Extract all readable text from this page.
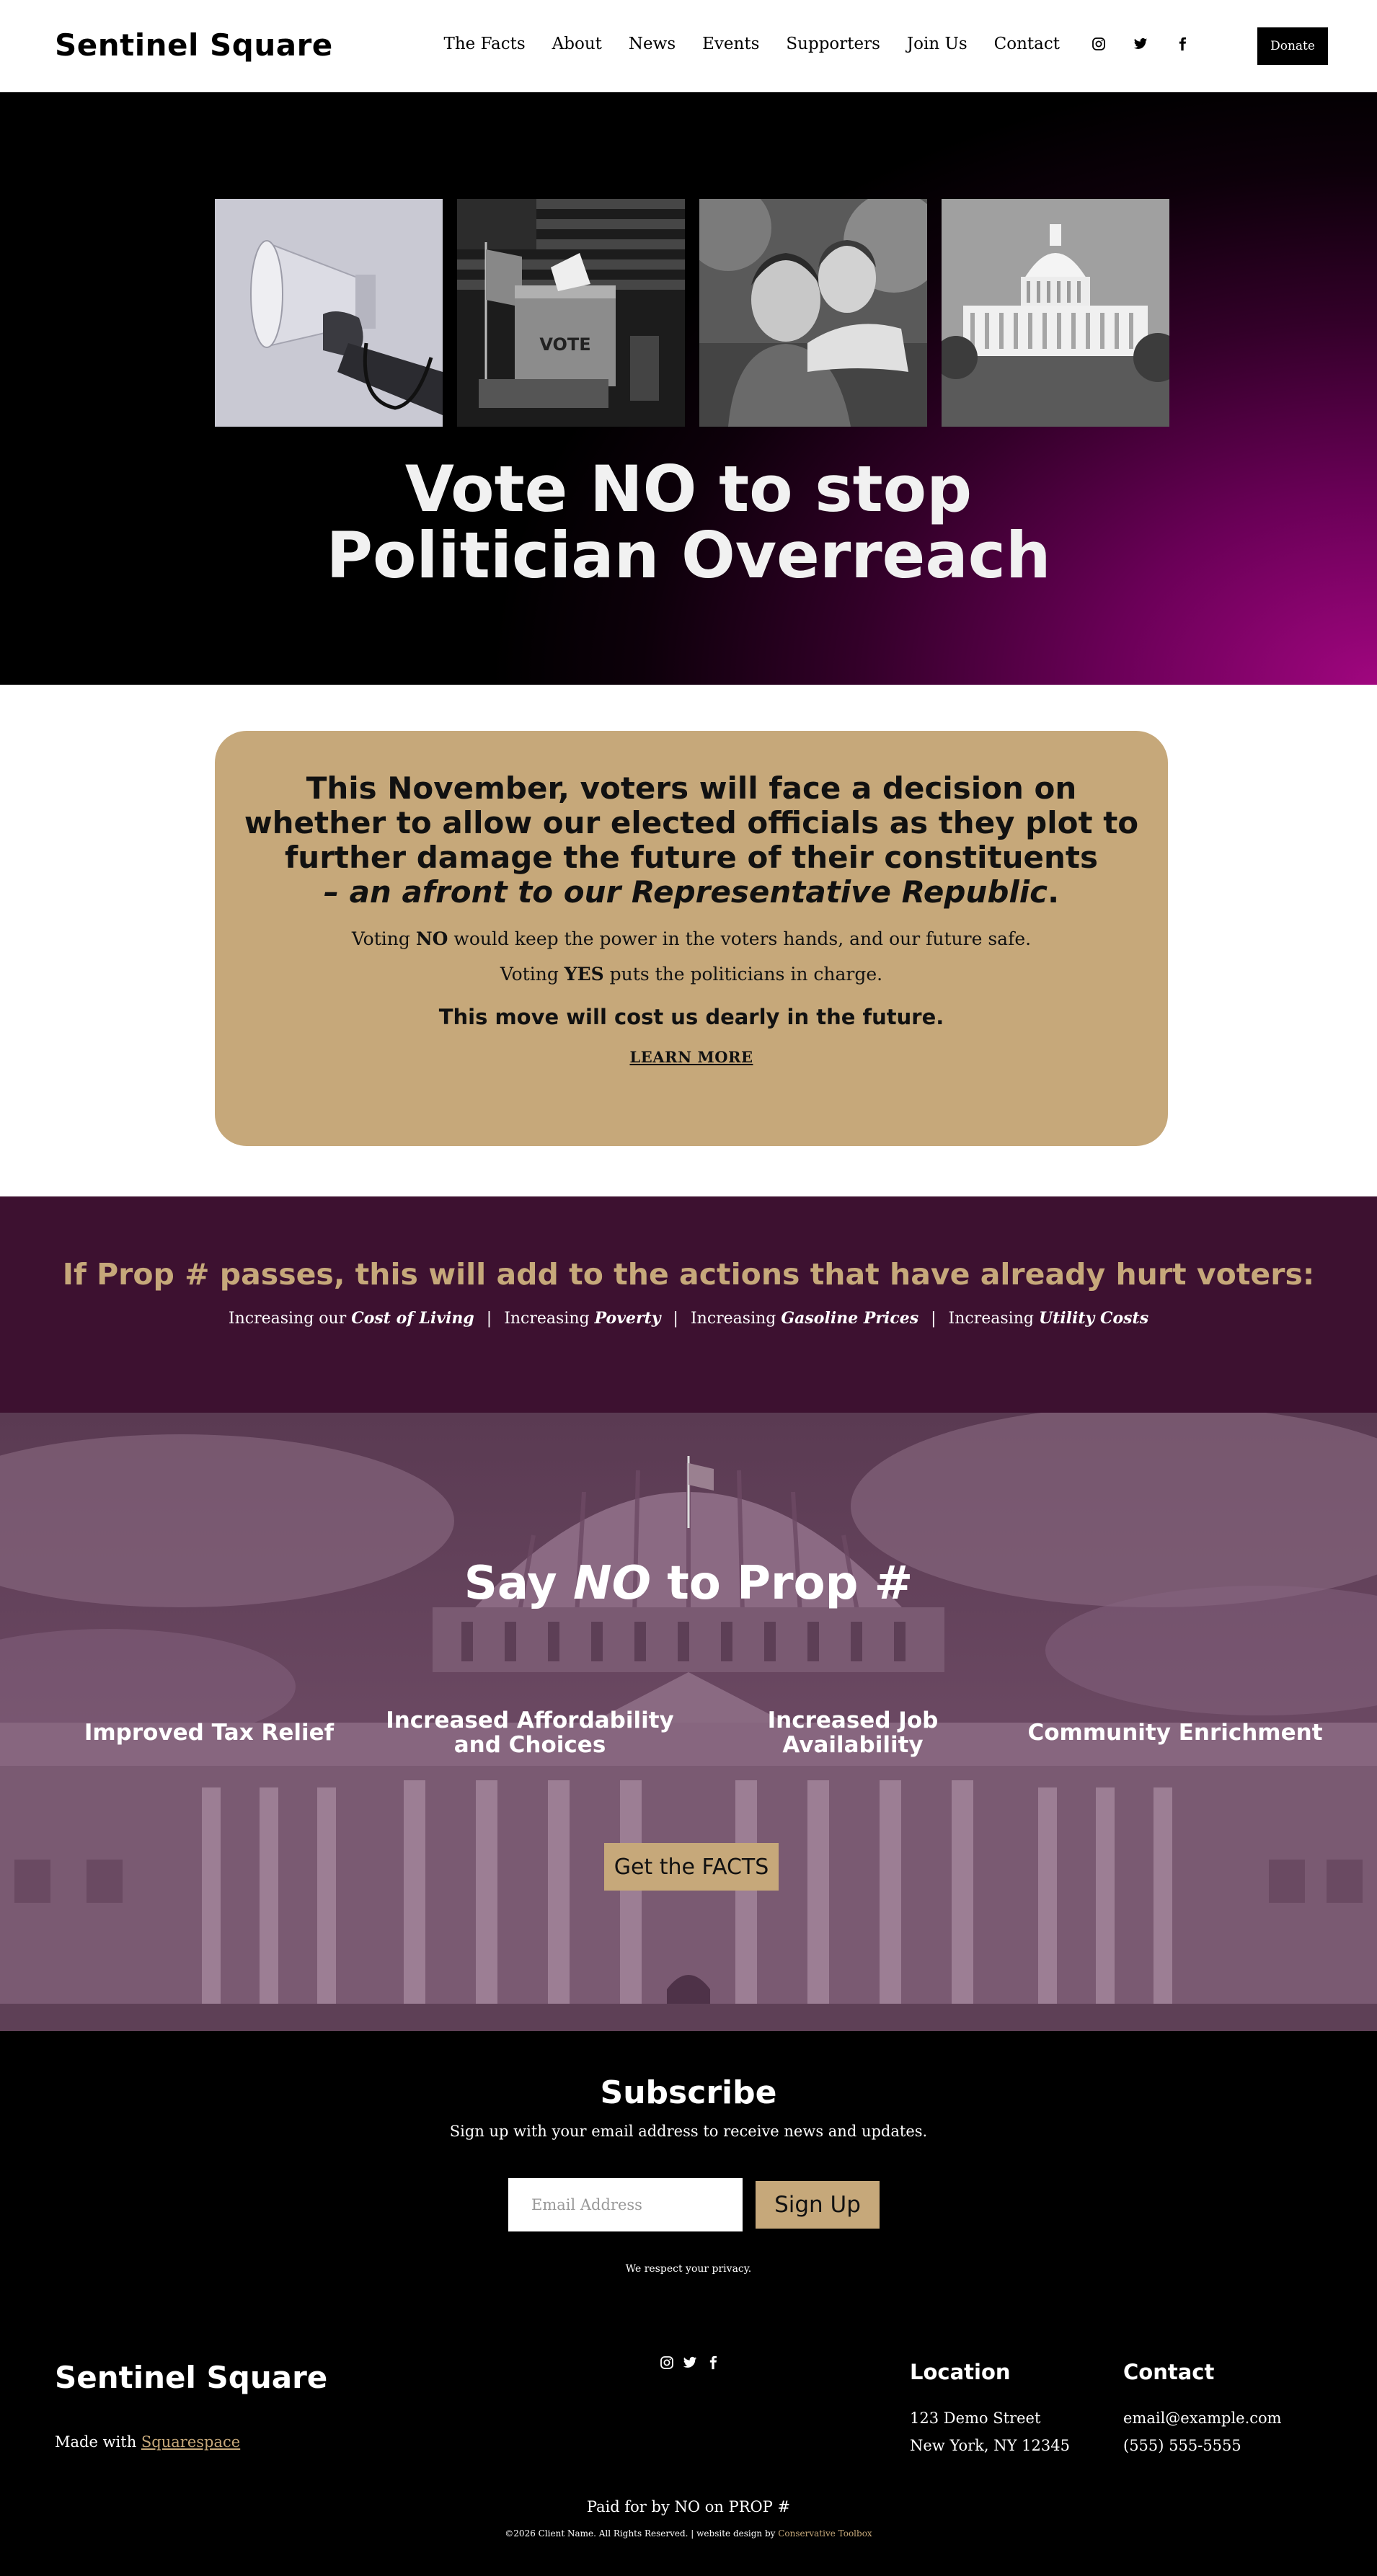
Sentinel Square	The Facts About News Events Supporters Join Us Contact	Donate
VOTE
Vote NO to stop
Politician Overreach
This November, voters will face a decision on
whether to allow our elected officials as they plot to
further damage the future of their constituents
– an afront to our Representative Republic.
Voting NO would keep the power in the voters hands, and our future safe.
Voting YES puts the politicians in charge.
This move will cost us dearly in the future.
LEARN MORE
If Prop # passes, this will add to the actions that have already hurt voters:
Increasing our Cost of Living | Increasing Poverty | Increasing Gasoline Prices | Increasing Utility Costs
Say NO to Prop #
Improved Tax Relief	Increased Affordability
and Choices
Increased Job
Availability	Community Enrichment
Get the FACTS
Subscribe
Sign up with your email address to receive news and updates.
Email Address	Sign Up
We respect your privacy.
Sentinel Square
Made with Squarespace
Location

123 Demo Street

New York, NY 12345

Contact

email@example.com

(555) 555-5555

Paid for by NO on PROP #
©2026 Client Name. All Rights Reserved. | website design by Conservative Toolbox
